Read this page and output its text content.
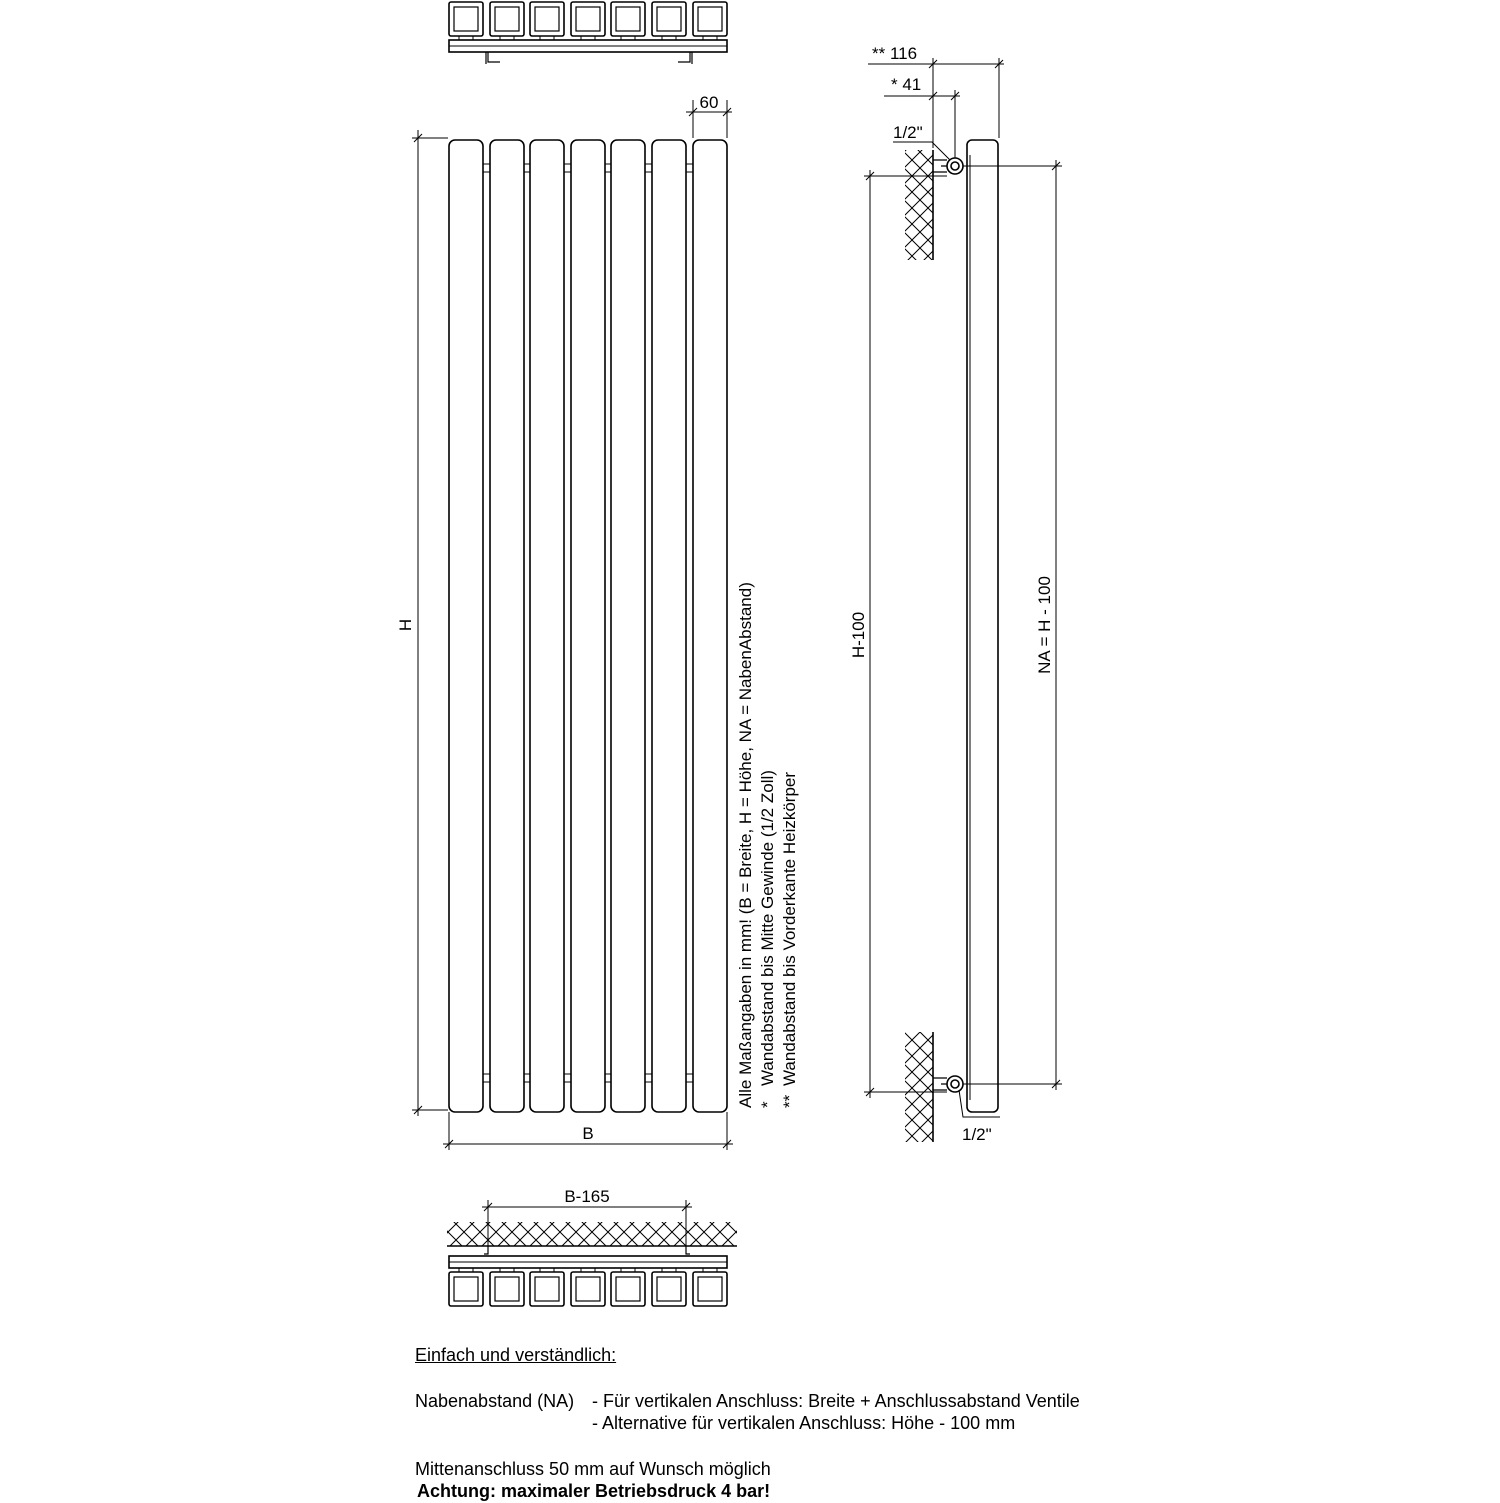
60
H
B
Alle Maßangaben in mm! (B = Breite, H = Höhe, NA = NabenAbstand) *
Wandabstand bis Mitte Gewinde (1/2 Zoll)
**
Wandabstand bis Vorderkante Heizkörper
** 116
* 41
1/2"
1/2"
H-100	NA = H - 100
B-165
Einfach und verständlich:
Nabenabstand (NA) - Für vertikalen Anschluss: Breite + Anschlussabstand Ventile
- Alternative für vertikalen Anschluss: Höhe - 100 mm
Mittenanschluss 50 mm auf Wunsch möglich
Achtung: maximaler Betriebsdruck 4 bar!
